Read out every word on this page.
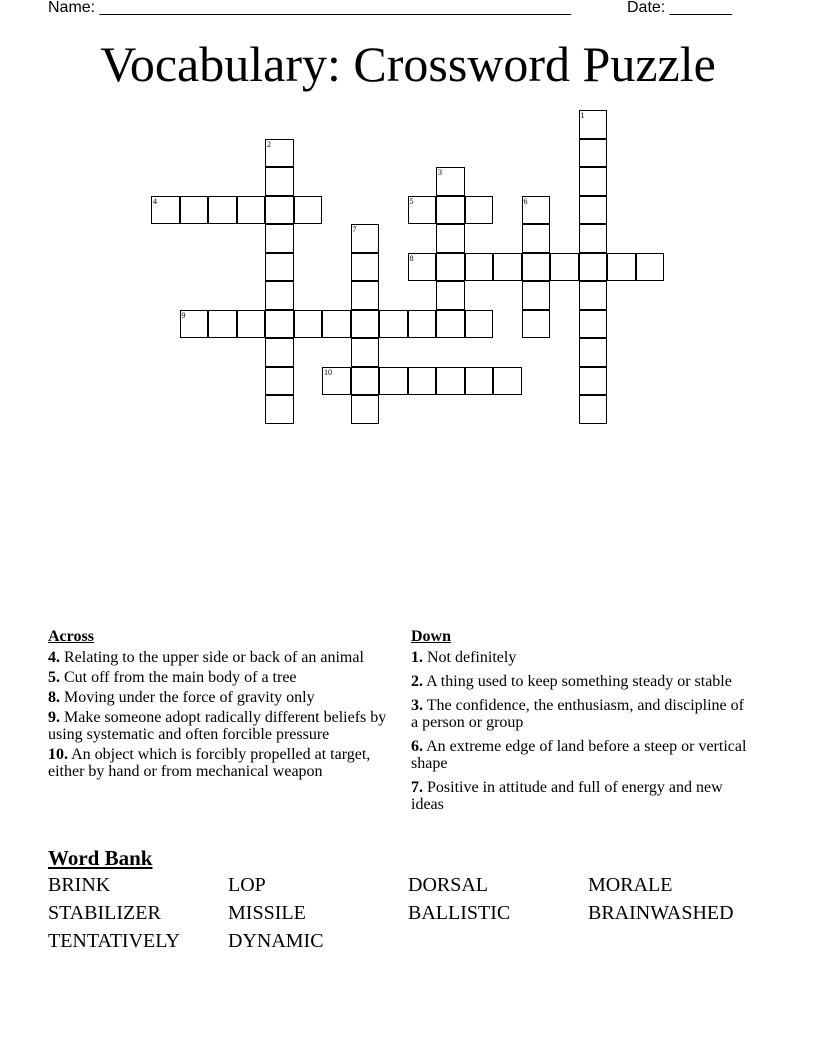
Name: _____________________________________________________	Date: _______
Vocabulary: Crossword Puzzle
1
2
3
4	5	6
7
8
9
10
Across
4. Relating to the upper side or back of an animal
5. Cut off from the main body of a tree
8. Moving under the force of gravity only
9. Make someone adopt radically different beliefs by using systematic and often forcible pressure
10. An object which is forcibly propelled at target, either by hand or from mechanical weapon
Down
1. Not definitely
2. A thing used to keep something steady or stable
3. The confidence, the enthusiasm, and discipline of a person or group
6. An extreme edge of land before a steep or vertical shape
7. Positive in attitude and full of energy and new ideas
Word Bank
BRINK	LOP	DORSAL	MORALE
STABILIZER	MISSILE	BALLISTIC	BRAINWASHED
TENTATIVELY	DYNAMIC
